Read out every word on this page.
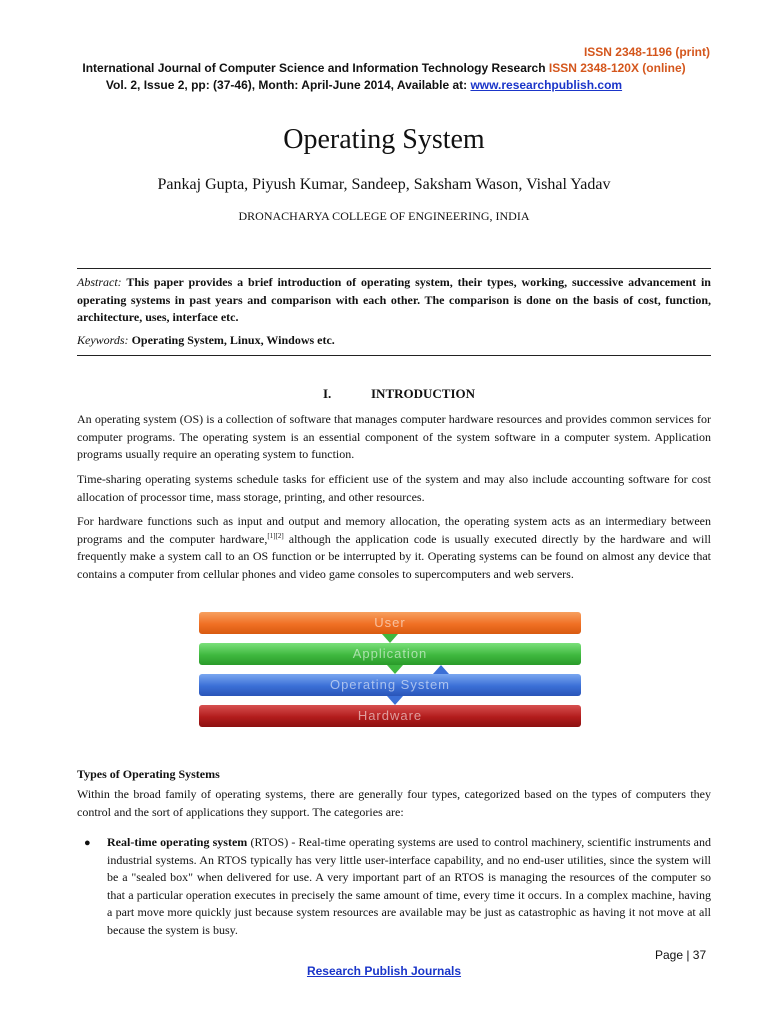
ISSN 2348-1196 (print)
International Journal of Computer Science and Information Technology Research ISSN 2348-120X (online)
Vol. 2, Issue 2, pp: (37-46), Month: April-June 2014, Available at: www.researchpublish.com
Operating System
Pankaj Gupta, Piyush Kumar, Sandeep, Saksham Wason, Vishal Yadav
DRONACHARYA COLLEGE OF ENGINEERING, INDIA
Abstract: This paper provides a brief introduction of operating system, their types, working, successive advancement in operating systems in past years and comparison with each other. The comparison is done on the basis of cost, function, architecture, uses, interface etc.
Keywords: Operating System, Linux, Windows etc.
I.	INTRODUCTION
An operating system (OS) is a collection of software that manages computer hardware resources and provides common services for computer programs. The operating system is an essential component of the system software in a computer system. Application programs usually require an operating system to function.
Time-sharing operating systems schedule tasks for efficient use of the system and may also include accounting software for cost allocation of processor time, mass storage, printing, and other resources.
For hardware functions such as input and output and memory allocation, the operating system acts as an intermediary between programs and the computer hardware,[1][2] although the application code is usually executed directly by the hardware and will frequently make a system call to an OS function or be interrupted by it. Operating systems can be found on almost any device that contains a computer from cellular phones and video game consoles to supercomputers and web servers.
User
Application
Operating System
Hardware
Types of Operating Systems
Within the broad family of operating systems, there are generally four types, categorized based on the types of computers they control and the sort of applications they support. The categories are:
● Real-time operating system (RTOS) - Real-time operating systems are used to control machinery, scientific instruments and industrial systems. An RTOS typically has very little user-interface capability, and no end-user utilities, since the system will be a "sealed box" when delivered for use. A very important part of an RTOS is managing the resources of the computer so that a particular operation executes in precisely the same amount of time, every time it occurs. In a complex machine, having a part move more quickly just because system resources are available may be just as catastrophic as having it not move at all because the system is busy.
Page | 37
Research Publish Journals
